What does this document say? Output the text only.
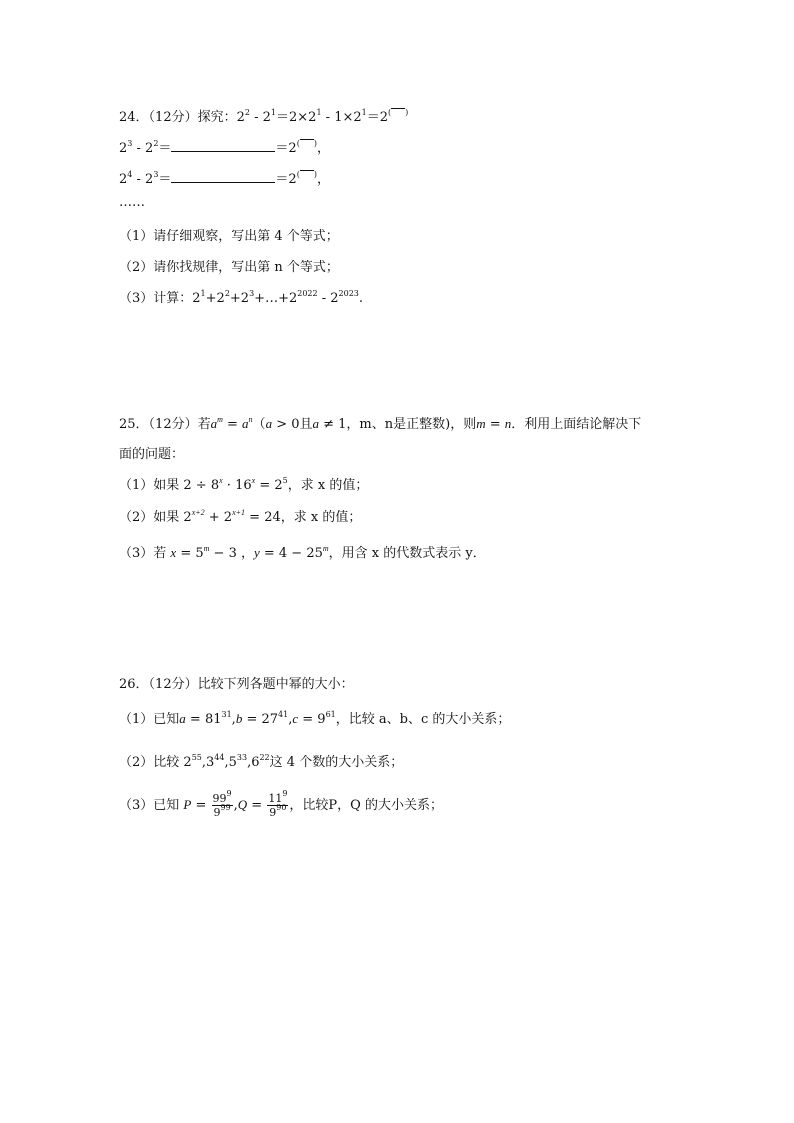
24．（12分）探究：$2^2 - 2^1=2\times 2^1 - 1\times 2^1=2^{( )}$
$2^3 - 2^2=$	＝2( )，
$2^4 - 2^3=$	＝2( )，
……
（1）请仔细观察，写出第 4 个等式；
（2）请你找规律，写出第 n 个等式；
（3）计算：$2^1+2^2+2^3+\dots+2^{2022} - 2^{2023}$.
25．（12分）若$a^m = a^n(a > 0$且a ≠ 1，m、n是正整数)，则m = n．利用上面结论解决下
面的问题：
（1）如果 $2 \div 8^x \cdot 16^x = 2^5$，求 x 的值；
（2）如果 $2^{x+2} + 2^{x+1} = 24$，求 x 的值；
（3）若 $x = 5^m - 3$ ，$y = 4 - 25^m$，用含 x 的代数式表示 y．
26．（12分）比较下列各题中幂的大小：
（1）已知$a = 81^{31},b = 27^{41},c = 9^{61}$，比较 a、b、c 的大小关系；
（2）比较 $2^{55},3^{44},5^{33},6^{22}$这 4 个数的大小关系；
（3）已知 $P = \frac{99^9}{9^{99}} ,Q = \frac{11^9}{9^{90}}$ ，比较P，Q 的大小关系；
